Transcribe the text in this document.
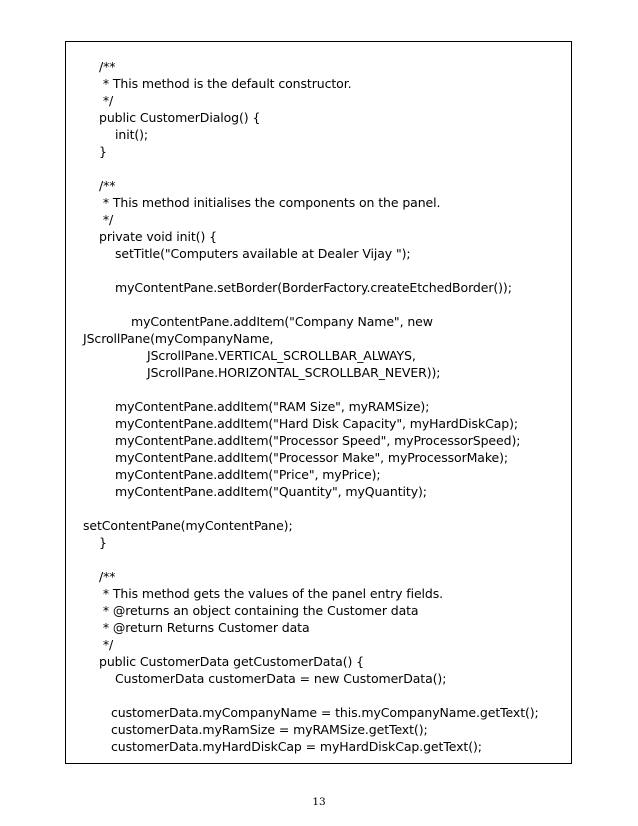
/**
* This method is the default constructor.
*/
public CustomerDialog() {
init();
}
/**
* This method initialises the components on the panel.
*/
private void init() {
setTitle("Computers available at Dealer Vijay ");
myContentPane.setBorder(BorderFactory.createEtchedBorder());
myContentPane.addItem("Company Name", new
JScrollPane(myCompanyName,
JScrollPane.VERTICAL_SCROLLBAR_ALWAYS,
JScrollPane.HORIZONTAL_SCROLLBAR_NEVER));
myContentPane.addItem("RAM Size", myRAMSize);
myContentPane.addItem("Hard Disk Capacity", myHardDiskCap);
myContentPane.addItem("Processor Speed", myProcessorSpeed);
myContentPane.addItem("Processor Make", myProcessorMake);
myContentPane.addItem("Price", myPrice);
myContentPane.addItem("Quantity", myQuantity);
setContentPane(myContentPane);
}
/**
* This method gets the values of the panel entry fields.
* @returns an object containing the Customer data
* @return Returns Customer data
*/
public CustomerData getCustomerData() {
CustomerData customerData = new CustomerData();
customerData.myCompanyName = this.myCompanyName.getText();
customerData.myRamSize = myRAMSize.getText();
customerData.myHardDiskCap = myHardDiskCap.getText();
13
